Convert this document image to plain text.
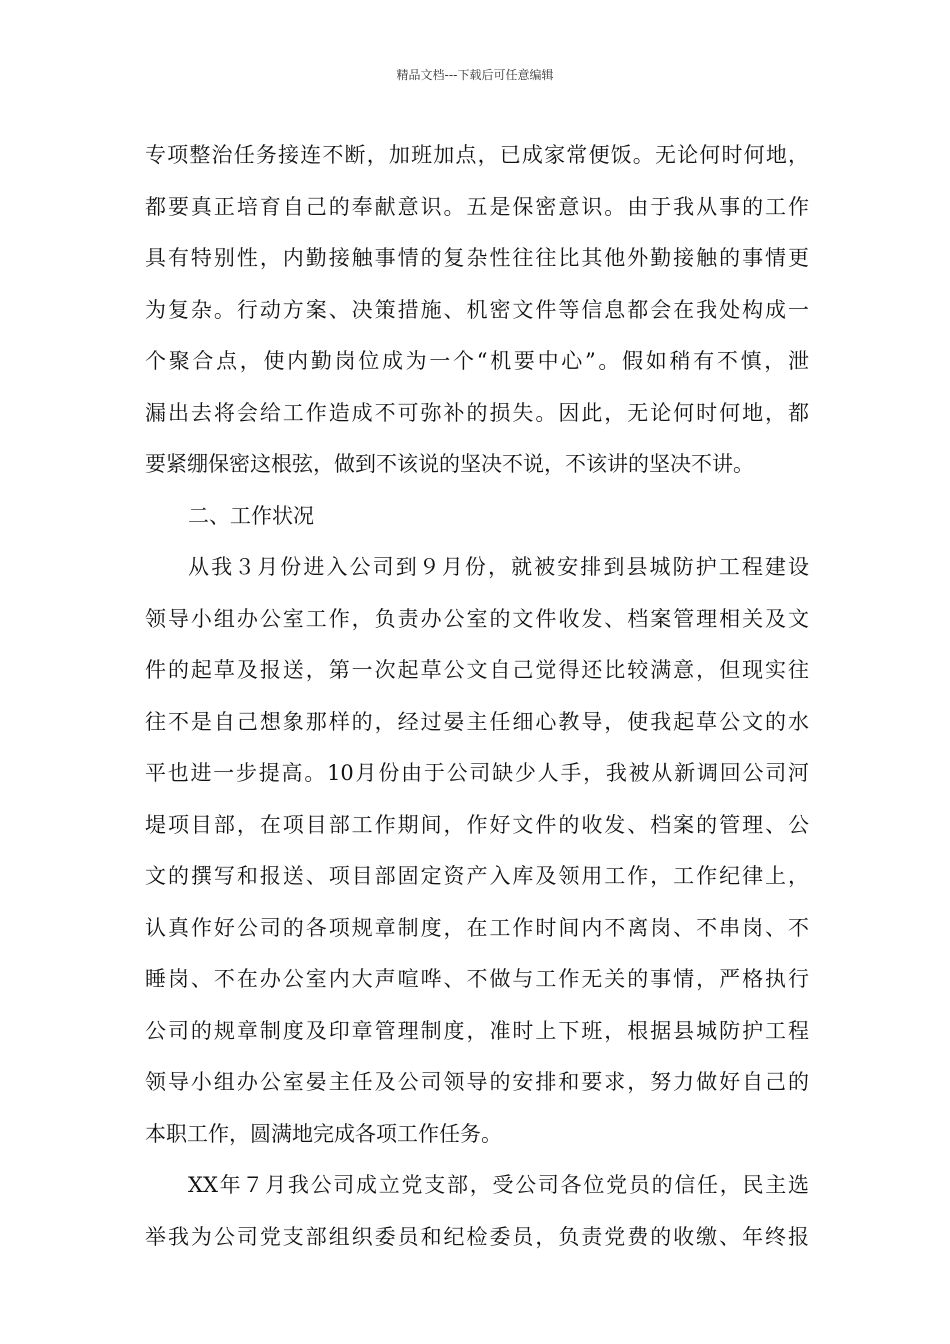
精品文档---下载后可任意编辑
专项整治任务接连不断，加班加点，已成家常便饭。无论何时何地，
都要真正培育自己的奉献意识。五是保密意识。由于我从事的工作
具有特别性，内勤接触事情的复杂性往往比其他外勤接触的事情更
为复杂。行动方案、决策措施、机密文件等信息都会在我处构成一
个聚合点，使内勤岗位成为一个“机要中心”。假如稍有不慎，泄
漏出去将会给工作造成不可弥补的损失。因此，无论何时何地，都
要紧绷保密这根弦，做到不该说的坚决不说，不该讲的坚决不讲。
二、工作状况
从我３月份进入公司到９月份，就被安排到县城防护工程建设
领导小组办公室工作，负责办公室的文件收发、档案管理相关及文
件的起草及报送，第一次起草公文自己觉得还比较满意，但现实往
往不是自己想象那样的，经过晏主任细心教导，使我起草公文的水
平也进一步提高。10月份由于公司缺少人手，我被从新调回公司河
堤项目部，在项目部工作期间，作好文件的收发、档案的管理、公
文的撰写和报送、项目部固定资产入库及领用工作，工作纪律上，
认真作好公司的各项规章制度，在工作时间内不离岗、不串岗、不
睡岗、不在办公室内大声喧哗、不做与工作无关的事情，严格执行
公司的规章制度及印章管理制度，准时上下班，根据县城防护工程
领导小组办公室晏主任及公司领导的安排和要求，努力做好自己的
本职工作，圆满地完成各项工作任务。
XX年７月我公司成立党支部，受公司各位党员的信任，民主选
举我为公司党支部组织委员和纪检委员，负责党费的收缴、年终报
